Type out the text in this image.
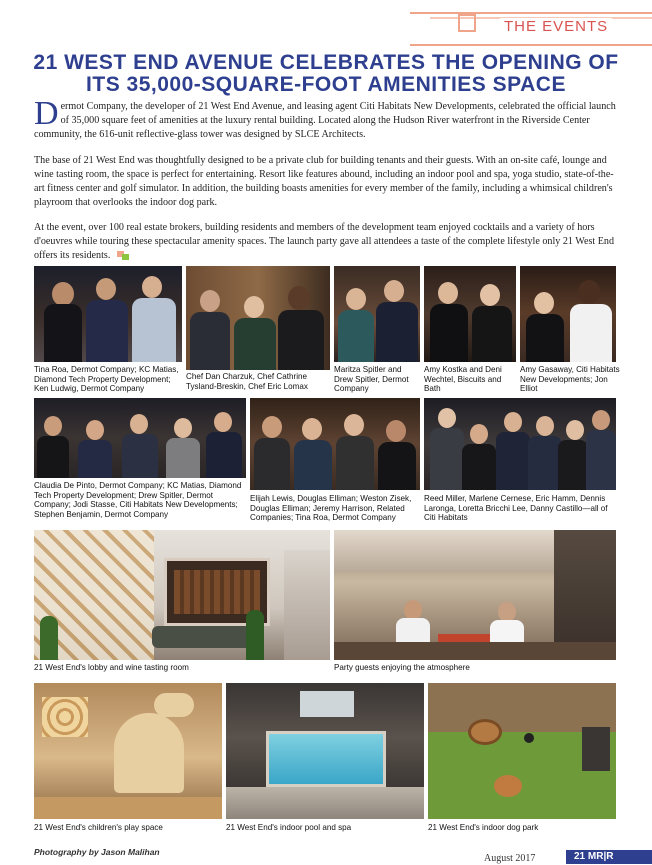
THE EVENTS
21 WEST END AVENUE CELEBRATES THE OPENING OF ITS 35,000-SQUARE-FOOT AMENITIES SPACE
Dermot Company, the developer of 21 West End Avenue, and leasing agent Citi Habitats New Developments, celebrated the official launch of 35,000 square feet of amenities at the luxury rental building. Located along the Hudson River waterfront in the Riverside Center community, the 616-unit reflective-glass tower was designed by SLCE Architects.
The base of 21 West End was thoughtfully designed to be a private club for building tenants and their guests. With an on-site café, lounge and wine tasting room, the space is perfect for entertaining. Resort like features abound, including an indoor pool and spa, yoga studio, state-of-the-art fitness center and golf simulator. In addition, the building boasts amenities for every member of the family, including a whimsical children's playroom that overlooks the indoor dog park.
At the event, over 100 real estate brokers, building residents and members of the development team enjoyed cocktails and a variety of hors d'oeuvres while touring these spectacular amenity spaces. The launch party gave all attendees a taste of the complete lifestyle only 21 West End offers its residents.
Tina Roa, Dermot Company; KC Matias, Diamond Tech Property Development; Ken Ludwig, Dermot Company
Chef Dan Charzuk, Chef Cathrine Tysland-Breskin, Chef Eric Lomax
Maritza Spitler and Drew Spitler, Dermot Company
Amy Kostka and Deni Wechtel, Biscuits and Bath
Amy Gasaway, Citi Habitats New Developments; Jon Elliot
Claudia De Pinto, Dermot Company; KC Matias, Diamond Tech Property Development; Drew Spitler, Dermot Company; Jodi Stasse, Citi Habitats New Developments; Stephen Benjamin, Dermot Company
Elijah Lewis, Douglas Elliman; Weston Zisek, Douglas Elliman; Jeremy Harrison, Related Companies; Tina Roa, Dermot Company
Reed Miller, Marlene Cernese, Eric Hamm, Dennis Laronga, Loretta Bricchi Lee, Danny Castillo—all of Citi Habitats
21 West End's lobby and wine tasting room	Party guests enjoying the atmosphere
21 West End's children's play space	21 West End's indoor pool and spa	21 West End's indoor dog park
Photography by Jason Malihan
August 2017	21 MR|R
